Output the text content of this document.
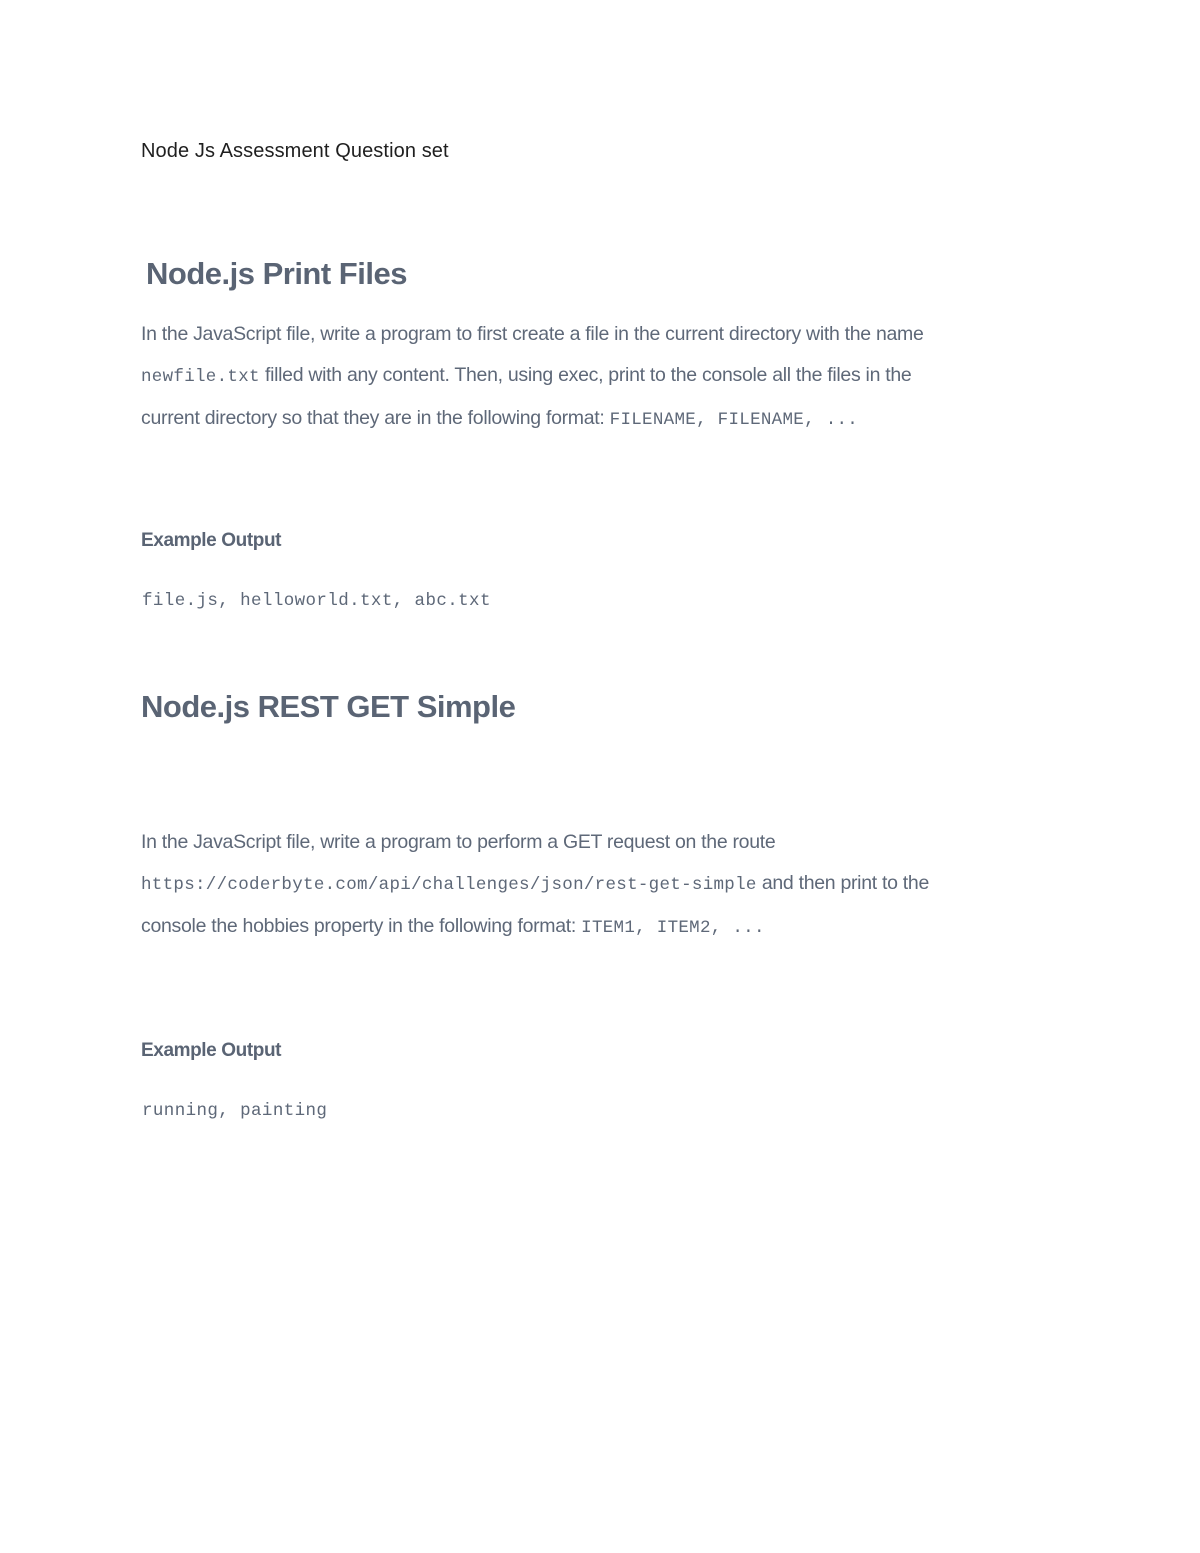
Node Js Assessment Question set
Node.js Print Files
In the JavaScript file, write a program to first create a file in the current directory with the name
newfile.txt filled with any content. Then, using exec, print to the console all the files in the
current directory so that they are in the following format: FILENAME, FILENAME, ...
Example Output
file.js, helloworld.txt, abc.txt
Node.js REST GET Simple
In the JavaScript file, write a program to perform a GET request on the route
https://coderbyte.com/api/challenges/json/rest-get-simple and then print to the
console the hobbies property in the following format: ITEM1, ITEM2, ...
Example Output
running, painting
